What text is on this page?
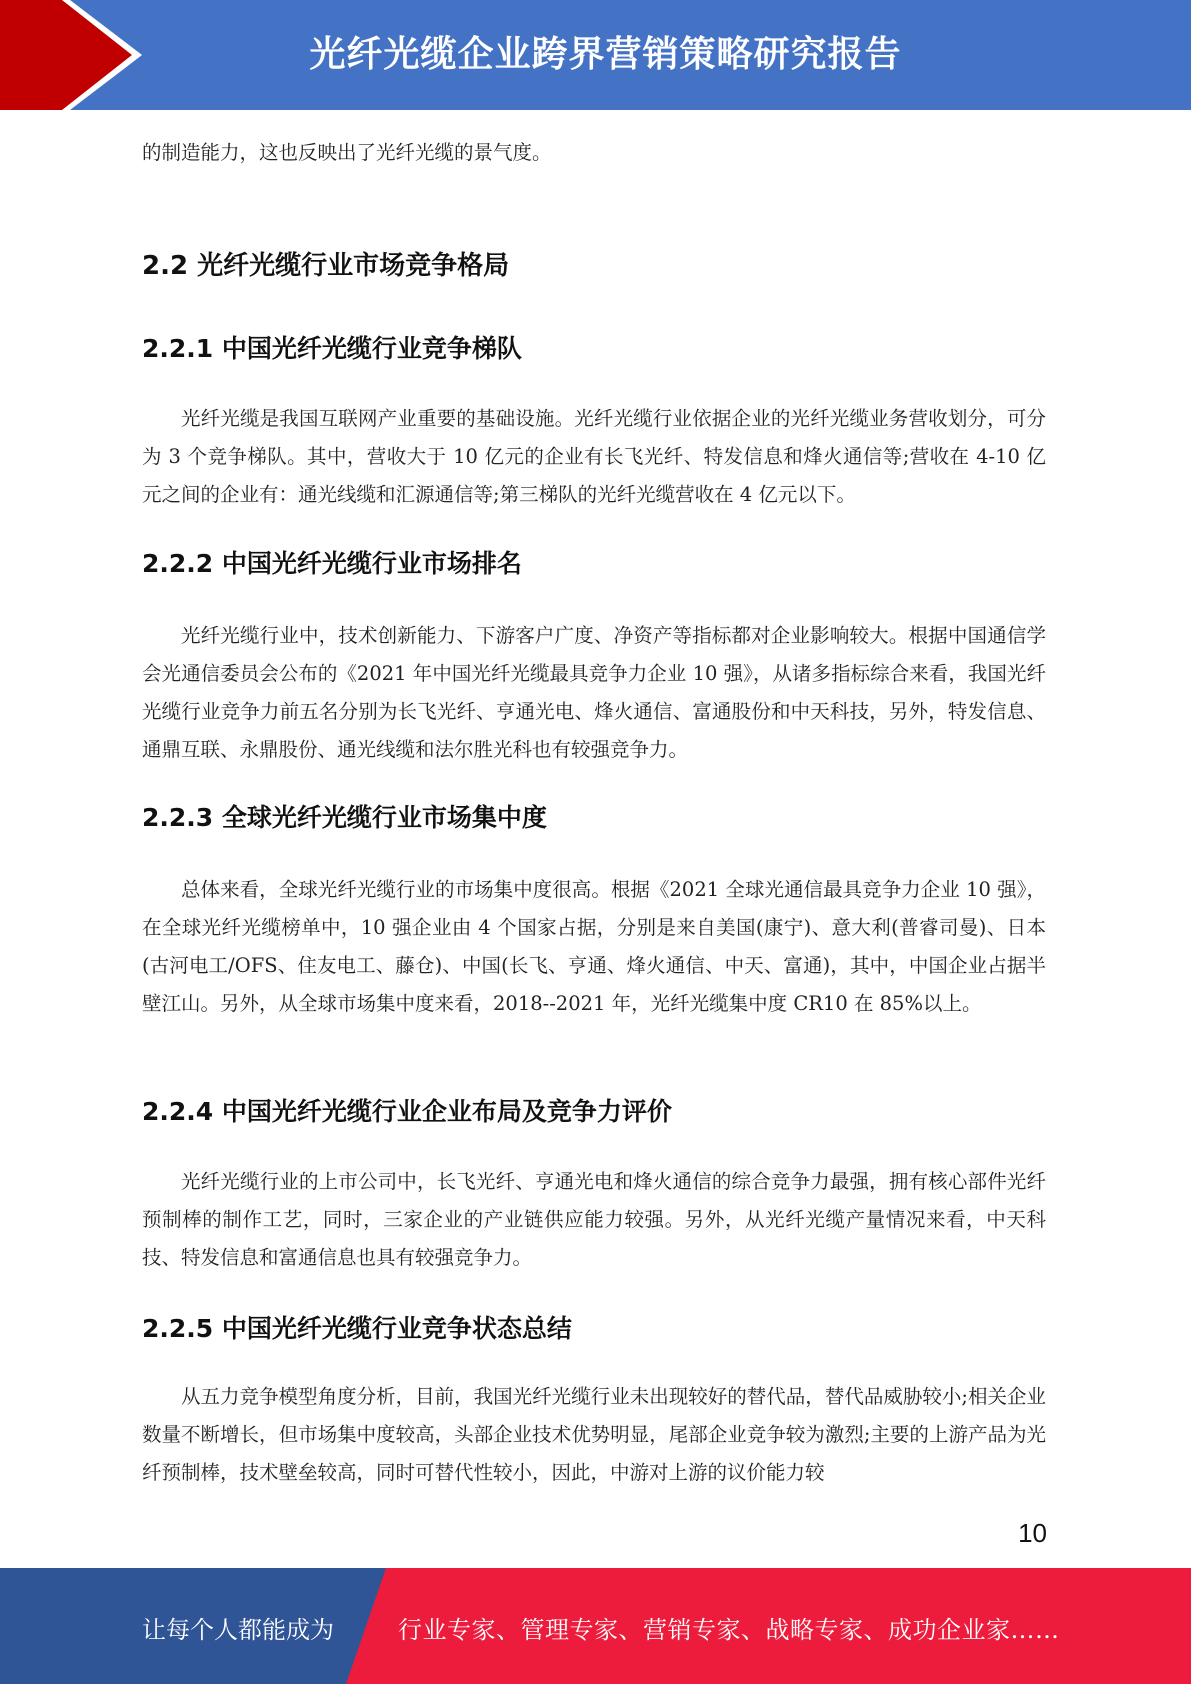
光纤光缆企业跨界营销策略研究报告

的制造能力，这也反映出了光纤光缆的景气度。

2.2 光纤光缆行业市场竞争格局
2.2.1 中国光纤光缆行业竞争梯队

光纤光缆是我国互联网产业重要的基础设施。光纤光缆行业依据企业的光纤光缆业务营收划分，可分为 3 个竞争梯队。其中，营收大于 10 亿元的企业有长飞光纤、特发信息和烽火通信等;营收在 4-10 亿元之间的企业有：通光线缆和汇源通信等;第三梯队的光纤光缆营收在 4 亿元以下。

2.2.2 中国光纤光缆行业市场排名

光纤光缆行业中，技术创新能力、下游客户广度、净资产等指标都对企业影响较大。根据中国通信学会光通信委员会公布的《2021 年中国光纤光缆最具竞争力企业 10 强》，从诸多指标综合来看，我国光纤光缆行业竞争力前五名分别为长飞光纤、亨通光电、烽火通信、富通股份和中天科技，另外，特发信息、通鼎互联、永鼎股份、通光线缆和法尔胜光科也有较强竞争力。

2.2.3 全球光纤光缆行业市场集中度

总体来看，全球光纤光缆行业的市场集中度很高。根据《2021 全球光通信最具竞争力企业 10 强》，在全球光纤光缆榜单中，10 强企业由 4 个国家占据，分别是来自美国(康宁)、意大利(普睿司曼)、日本(古河电工/OFS、住友电工、藤仓)、中国(长飞、亨通、烽火通信、中天、富通)，其中，中国企业占据半壁江山。另外，从全球市场集中度来看，2018--2021 年，光纤光缆集中度 CR10 在 85%以上。

2.2.4 中国光纤光缆行业企业布局及竞争力评价

光纤光缆行业的上市公司中，长飞光纤、亨通光电和烽火通信的综合竞争力最强，拥有核心部件光纤预制棒的制作工艺，同时，三家企业的产业链供应能力较强。另外，从光纤光缆产量情况来看，中天科技、特发信息和富通信息也具有较强竞争力。

2.2.5 中国光纤光缆行业竞争状态总结

从五力竞争模型角度分析，目前，我国光纤光缆行业未出现较好的替代品，替代品威胁较小;相关企业数量不断增长，但市场集中度较高，头部企业技术优势明显，尾部企业竞争较为激烈;主要的上游产品为光纤预制棒，技术壁垒较高，同时可替代性较小，因此，中游对上游的议价能力较

10
让每个人都能成为	行业专家、管理专家、营销专家、战略专家、成功企业家……
